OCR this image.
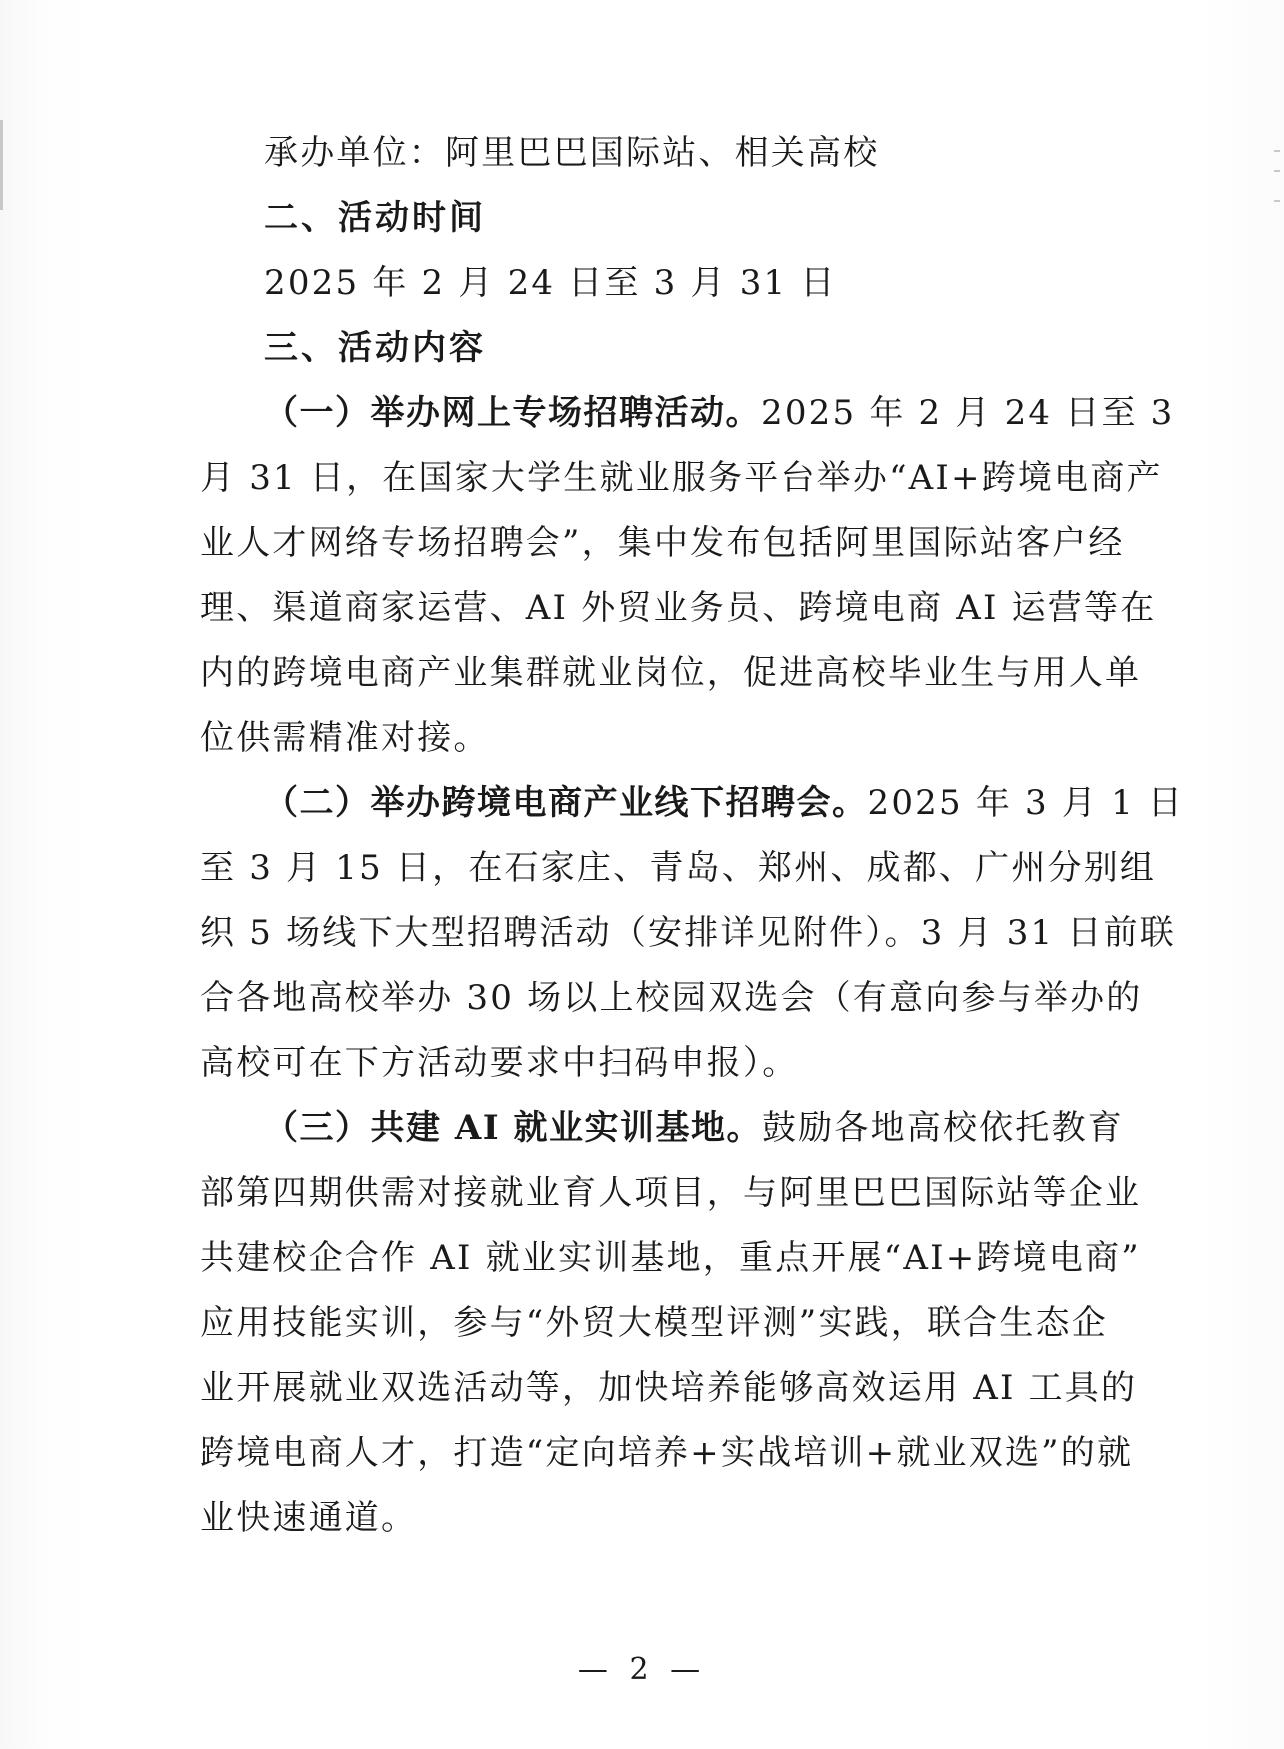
承办单位：阿里巴巴国际站、相关高校
二、活动时间
2025 年 2 月 24 日至 3 月 31 日
三、活动内容
（一）举办网上专场招聘活动。2025 年 2 月 24 日至 3
月 31 日，在国家大学生就业服务平台举办“AI+跨境电商产
业人才网络专场招聘会”，集中发布包括阿里国际站客户经
理、渠道商家运营、AI 外贸业务员、跨境电商 AI 运营等在
内的跨境电商产业集群就业岗位，促进高校毕业生与用人单
位供需精准对接。
（二）举办跨境电商产业线下招聘会。2025 年 3 月 1 日
至 3 月 15 日，在石家庄、青岛、郑州、成都、广州分别组
织 5 场线下大型招聘活动（安排详见附件）。3 月 31 日前联
合各地高校举办 30 场以上校园双选会（有意向参与举办的
高校可在下方活动要求中扫码申报）。
（三）共建 AI 就业实训基地。鼓励各地高校依托教育
部第四期供需对接就业育人项目，与阿里巴巴国际站等企业
共建校企合作 AI 就业实训基地，重点开展“AI+跨境电商”
应用技能实训，参与“外贸大模型评测”实践，联合生态企
业开展就业双选活动等，加快培养能够高效运用 AI 工具的
跨境电商人才，打造“定向培养+实战培训+就业双选”的就
业快速通道。
— 2 —
